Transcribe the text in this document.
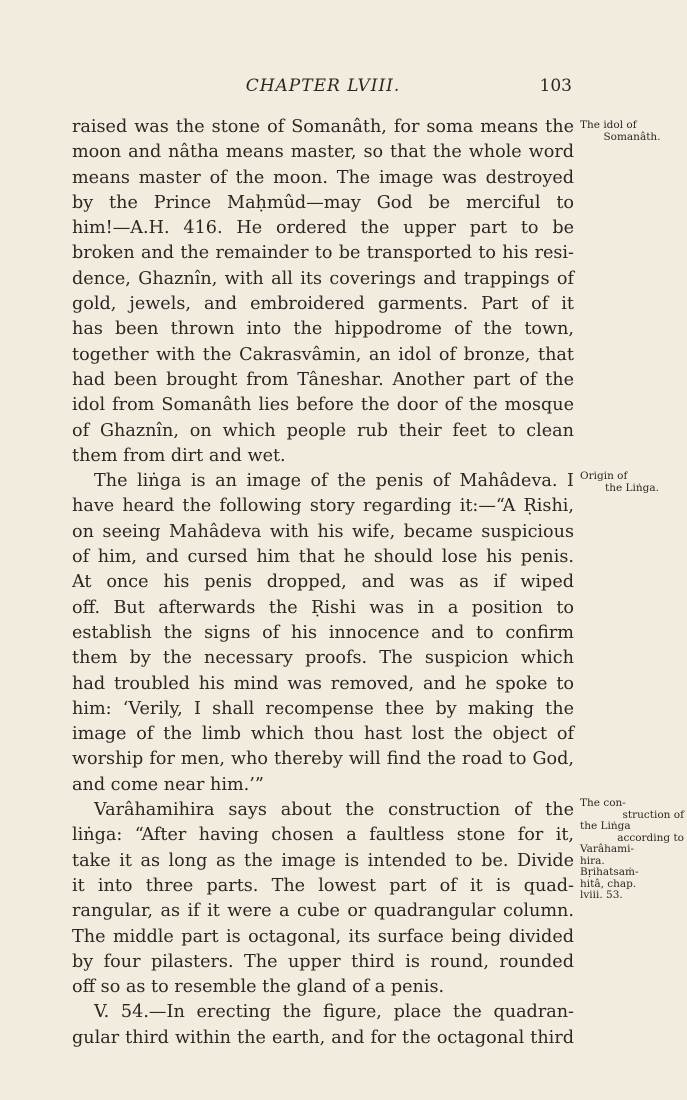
CHAPTER LVIII.	103
raised was the stone of Somanâth, for soma means the
moon and nâtha means master, so that the whole word
means master of the moon. The image was destroyed
by the Prince Maḥmûd—may God be merciful to
him!—A.H. 416. He ordered the upper part to be
broken and the remainder to be transported to his resi-
dence, Ghaznîn, with all its coverings and trappings of
gold, jewels, and embroidered garments. Part of it
has been thrown into the hippodrome of the town,
together with the Cakrasvâmin, an idol of bronze, that
had been brought from Tâneshar. Another part of the
idol from Somanâth lies before the door of the mosque
of Ghaznîn, on which people rub their feet to clean
them from dirt and wet.
The liṅga is an image of the penis of Mahâdeva. I
have heard the following story regarding it:—“A Ṛishi,
on seeing Mahâdeva with his wife, became suspicious
of him, and cursed him that he should lose his penis.
At once his penis dropped, and was as if wiped
off. But afterwards the Ṛishi was in a position to
establish the signs of his innocence and to confirm
them by the necessary proofs. The suspicion which
had troubled his mind was removed, and he spoke to
him: ‘Verily, I shall recompense thee by making the
image of the limb which thou hast lost the object of
worship for men, who thereby will find the road to God,
and come near him.’”
Varâhamihira says about the construction of the
liṅga: “After having chosen a faultless stone for it,
take it as long as the image is intended to be. Divide
it into three parts. The lowest part of it is quad-
rangular, as if it were a cube or quadrangular column.
The middle part is octagonal, its surface being divided
by four pilasters. The upper third is round, rounded
off so as to resemble the gland of a penis.
V. 54.—In erecting the figure, place the quadran-
gular third within the earth, and for the octagonal third
The idol of
Somanâth.
Origin of
the Liṅga.
The con-
struction of
the Liṅga
according to
Varâhami-
hira.
Bṛihatsaṁ-
hitâ, chap.
lviii. 53.
